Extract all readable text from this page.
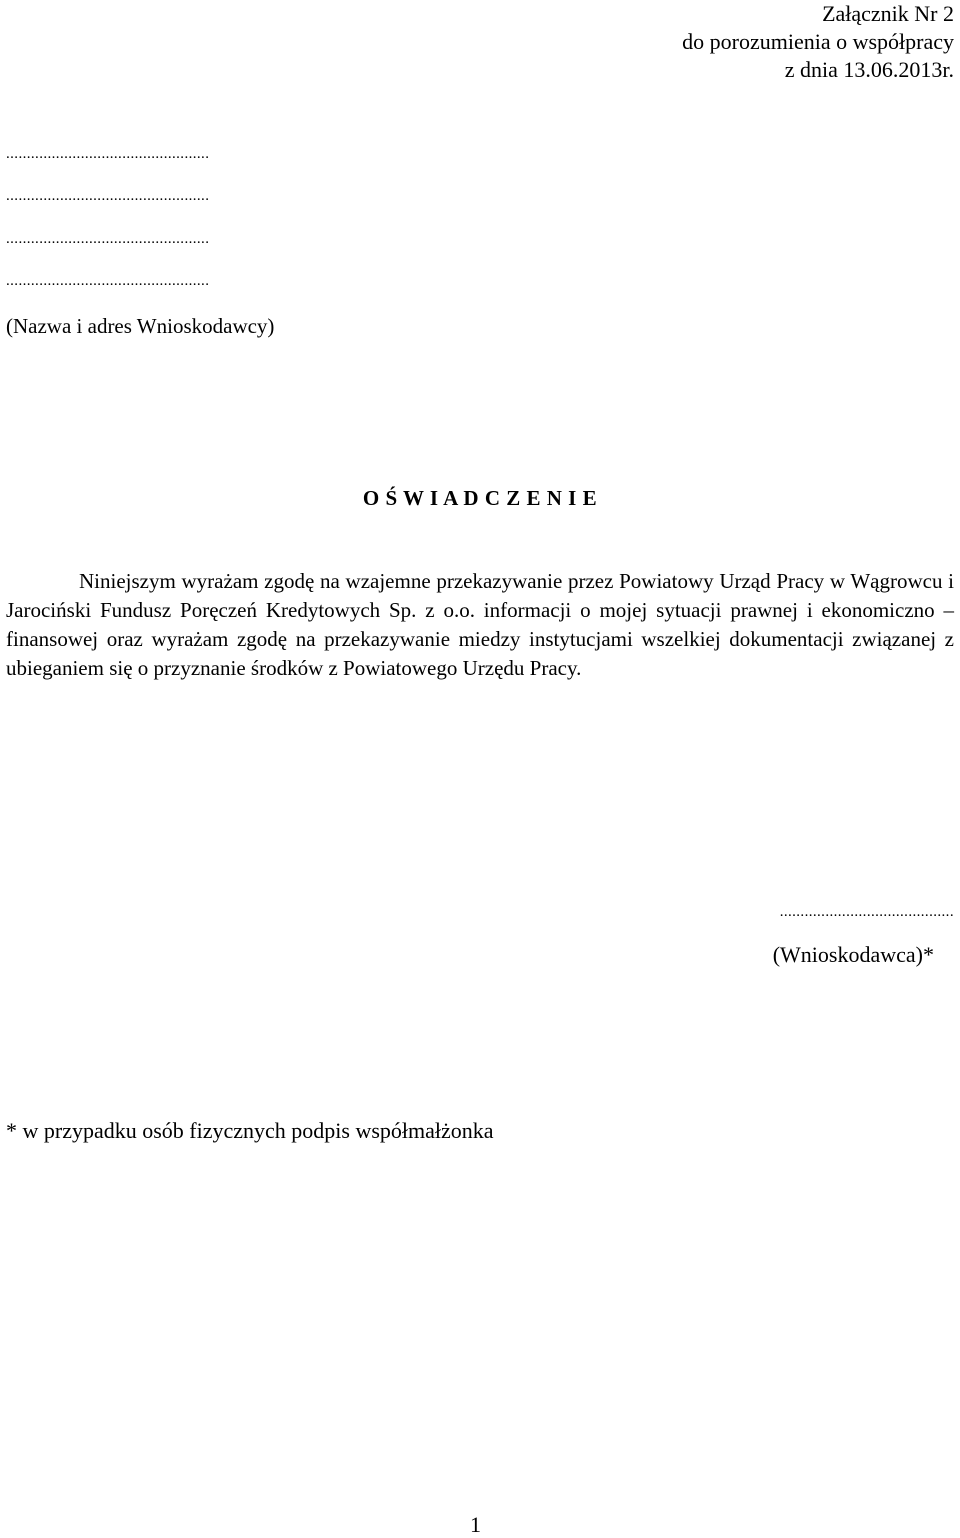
Załącznik Nr 2
do porozumienia o współpracy
z dnia 13.06.2013r.
.................................................
.................................................
.................................................
.................................................
(Nazwa i adres Wnioskodawcy)
O Ś W I A D C Z E N I E

Niniejszym wyrażam zgodę na wzajemne przekazywanie przez Powiatowy Urząd Pracy w Wągrowcu i Jarociński Fundusz Poręczeń Kredytowych Sp. z o.o. informacji o mojej sytuacji prawnej i ekonomiczno – finansowej oraz wyrażam zgodę na przekazywanie miedzy instytucjami wszelkiej dokumentacji związanej z ubieganiem się o przyznanie środków z Powiatowego Urzędu Pracy.

..........................................
(Wnioskodawca)*
* w przypadku osób fizycznych podpis współmałżonka
1
